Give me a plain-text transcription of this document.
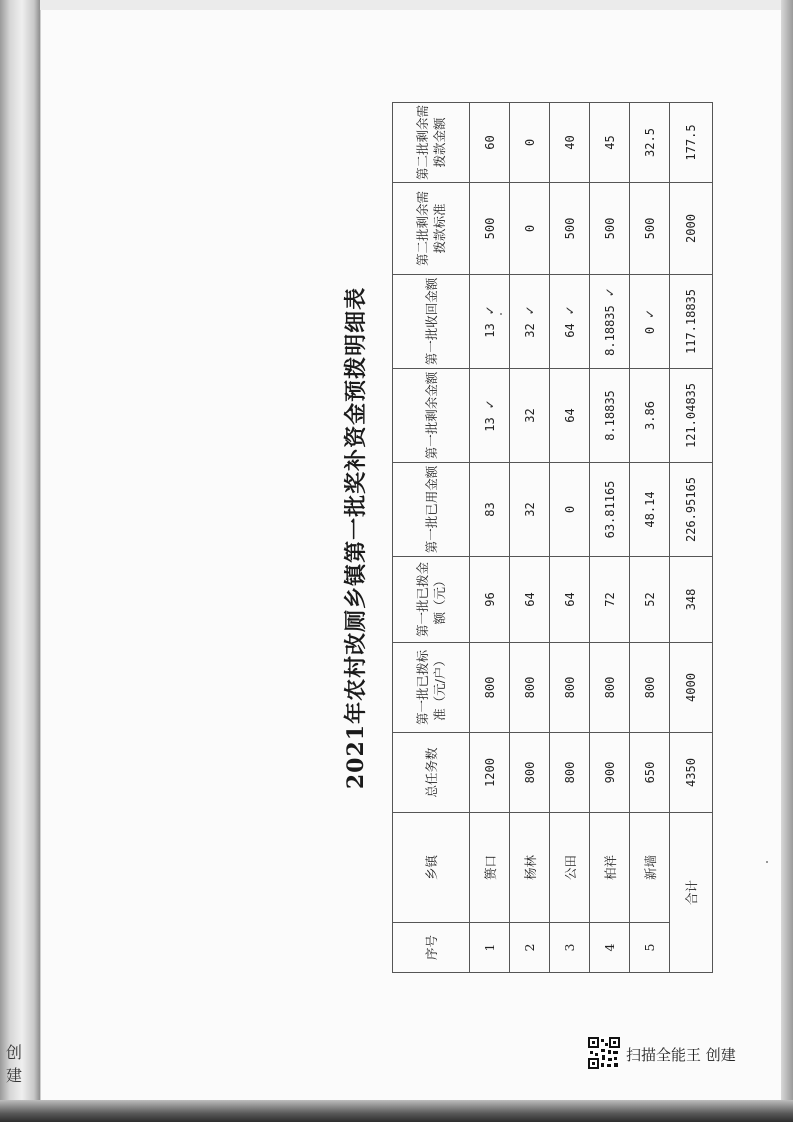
创建
2021年农村改厕乡镇第一批奖补资金预拨明细表
序号	乡镇	总任务数	第一批已拨标准（元/户）	第一批已拨金额（元）	第一批已用金额	第一批剩余金额	第一批收回金额	第二批剩余需拨款标准	第二批剩余需拨款金额
1	篑口	1200	800	96	83	13✓	13✓	500	60
2	杨林	800	800	64	32	32	32✓	0	0
3	公田	800	800	64	0	64	64✓	500	40
4	柏祥	900	800	72	63.81165	8.18835	8.18835✓	500	45
5	新墙	650	800	52	48.14	3.86	0✓	500	32.5
合计		4350	4000	348	226.95165	121.04835	117.18835	2000	177.5
扫描全能王 创建
